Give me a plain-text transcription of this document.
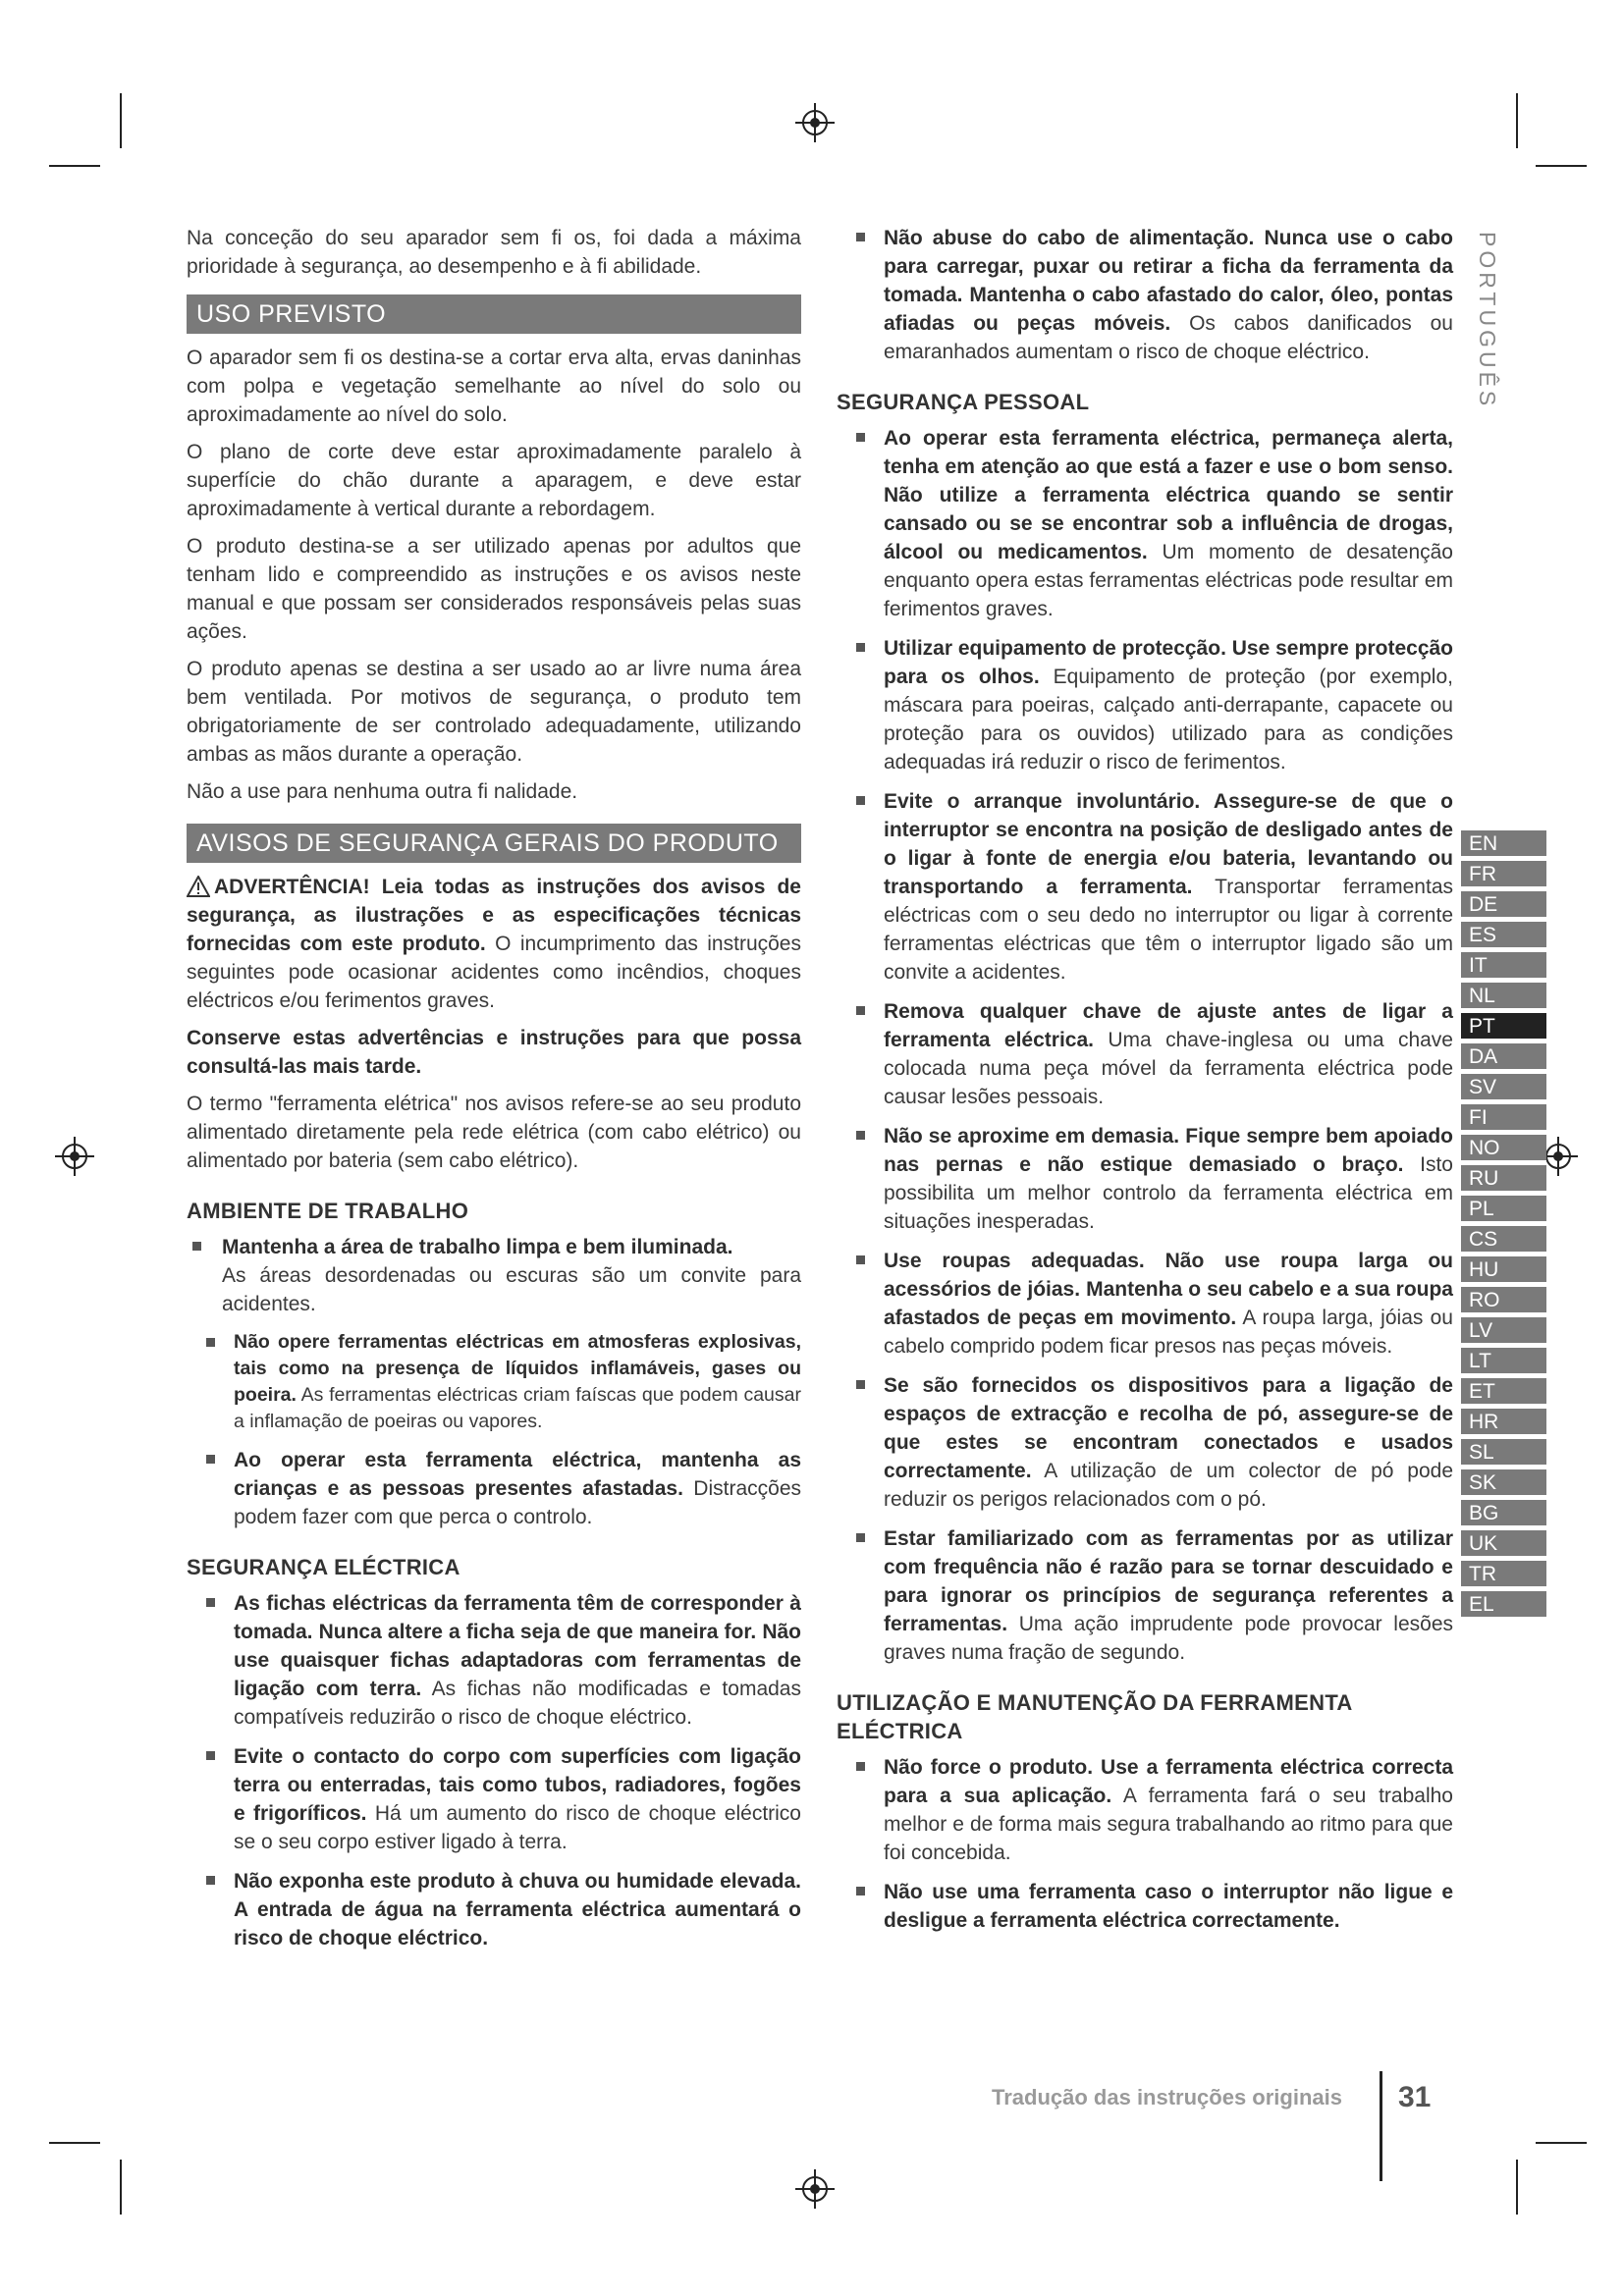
PORTUGUÊS
EN
FR
DE
ES
IT
NL
PT
DA
SV
FI
NO
RU
PL
CS
HU
RO
LV
LT
ET
HR
SL
SK
BG
UK
TR
EL

Na conceção do seu aparador sem fi os, foi dada a máxima prioridade à segurança, ao desempenho e à fi abilidade.

USO PREVISTO

O aparador sem fi os destina-se a cortar erva alta, ervas daninhas com polpa e vegetação semelhante ao nível do solo ou aproximadamente ao nível do solo.

O plano de corte deve estar aproximadamente paralelo à superfície do chão durante a aparagem, e deve estar aproximadamente à vertical durante a rebordagem.

O produto destina-se a ser utilizado apenas por adultos que tenham lido e compreendido as instruções e os avisos neste manual e que possam ser considerados responsáveis pelas suas ações.

O produto apenas se destina a ser usado ao ar livre numa área bem ventilada. Por motivos de segurança, o produto tem obrigatoriamente de ser controlado adequadamente, utilizando ambas as mãos durante a operação.

Não a use para nenhuma outra fi nalidade.

AVISOS DE SEGURANÇA GERAIS DO PRODUTO

ADVERTÊNCIA! Leia todas as instruções dos avisos de segurança, as ilustrações e as especificações técnicas fornecidas com este produto. O incumprimento das instruções seguintes pode ocasionar acidentes como incêndios, choques eléctricos e/ou ferimentos graves.

Conserve estas advertências e instruções para que possa consultá-las mais tarde.

O termo "ferramenta elétrica" nos avisos refere-se ao seu produto alimentado diretamente pela rede elétrica (com cabo elétrico) ou alimentado por bateria (sem cabo elétrico).

AMBIENTE DE TRABALHO
Mantenha a área de trabalho limpa e bem iluminada.
As áreas desordenadas ou escuras são um convite para acidentes.
Não opere ferramentas eléctricas em atmosferas explosivas, tais como na presença de líquidos inflamáveis, gases ou poeira. As ferramentas eléctricas criam faíscas que podem causar a inflamação de poeiras ou vapores.
Ao operar esta ferramenta eléctrica, mantenha as crianças e as pessoas presentes afastadas. Distracções podem fazer com que perca o controlo.
SEGURANÇA ELÉCTRICA
As fichas eléctricas da ferramenta têm de corresponder à tomada. Nunca altere a ficha seja de que maneira for. Não use quaisquer fichas adaptadoras com ferramentas de ligação com terra. As fichas não modificadas e tomadas compatíveis reduzirão o risco de choque eléctrico.
Evite o contacto do corpo com superfícies com ligação terra ou enterradas, tais como tubos, radiadores, fogões e frigoríficos. Há um aumento do risco de choque eléctrico se o seu corpo estiver ligado à terra.
Não exponha este produto à chuva ou humidade elevada. A entrada de água na ferramenta eléctrica aumentará o risco de choque eléctrico.
Não abuse do cabo de alimentação. Nunca use o cabo para carregar, puxar ou retirar a ficha da ferramenta da tomada. Mantenha o cabo afastado do calor, óleo, pontas afiadas ou peças móveis. Os cabos danificados ou emaranhados aumentam o risco de choque eléctrico.
SEGURANÇA PESSOAL
Ao operar esta ferramenta eléctrica, permaneça alerta, tenha em atenção ao que está a fazer e use o bom senso. Não utilize a ferramenta eléctrica quando se sentir cansado ou se se encontrar sob a influência de drogas, álcool ou medicamentos. Um momento de desatenção enquanto opera estas ferramentas eléctricas pode resultar em ferimentos graves.
Utilizar equipamento de protecção. Use sempre protecção para os olhos. Equipamento de proteção (por exemplo, máscara para poeiras, calçado anti-derrapante, capacete ou proteção para os ouvidos) utilizado para as condições adequadas irá reduzir o risco de ferimentos.
Evite o arranque involuntário. Assegure-se de que o interruptor se encontra na posição de desligado antes de o ligar à fonte de energia e/ou bateria, levantando ou transportando a ferramenta. Transportar ferramentas eléctricas com o seu dedo no interruptor ou ligar à corrente ferramentas eléctricas que têm o interruptor ligado são um convite a acidentes.
Remova qualquer chave de ajuste antes de ligar a ferramenta eléctrica. Uma chave-inglesa ou uma chave colocada numa peça móvel da ferramenta eléctrica pode causar lesões pessoais.
Não se aproxime em demasia. Fique sempre bem apoiado nas pernas e não estique demasiado o braço. Isto possibilita um melhor controlo da ferramenta eléctrica em situações inesperadas.
Use roupas adequadas. Não use roupa larga ou acessórios de jóias. Mantenha o seu cabelo e a sua roupa afastados de peças em movimento. A roupa larga, jóias ou cabelo comprido podem ficar presos nas peças móveis.
Se são fornecidos os dispositivos para a ligação de espaços de extracção e recolha de pó, assegure-se de que estes se encontram conectados e usados correctamente. A utilização de um colector de pó pode reduzir os perigos relacionados com o pó.
Estar familiarizado com as ferramentas por as utilizar com frequência não é razão para se tornar descuidado e para ignorar os princípios de segurança referentes a ferramentas. Uma ação imprudente pode provocar lesões graves numa fração de segundo.
UTILIZAÇÃO E MANUTENÇÃO DA FERRAMENTA ELÉCTRICA
Não force o produto. Use a ferramenta eléctrica correcta para a sua aplicação. A ferramenta fará o seu trabalho melhor e de forma mais segura trabalhando ao ritmo para que foi concebida.
Não use uma ferramenta caso o interruptor não ligue e desligue a ferramenta eléctrica correctamente.
Tradução das instruções originais 31
